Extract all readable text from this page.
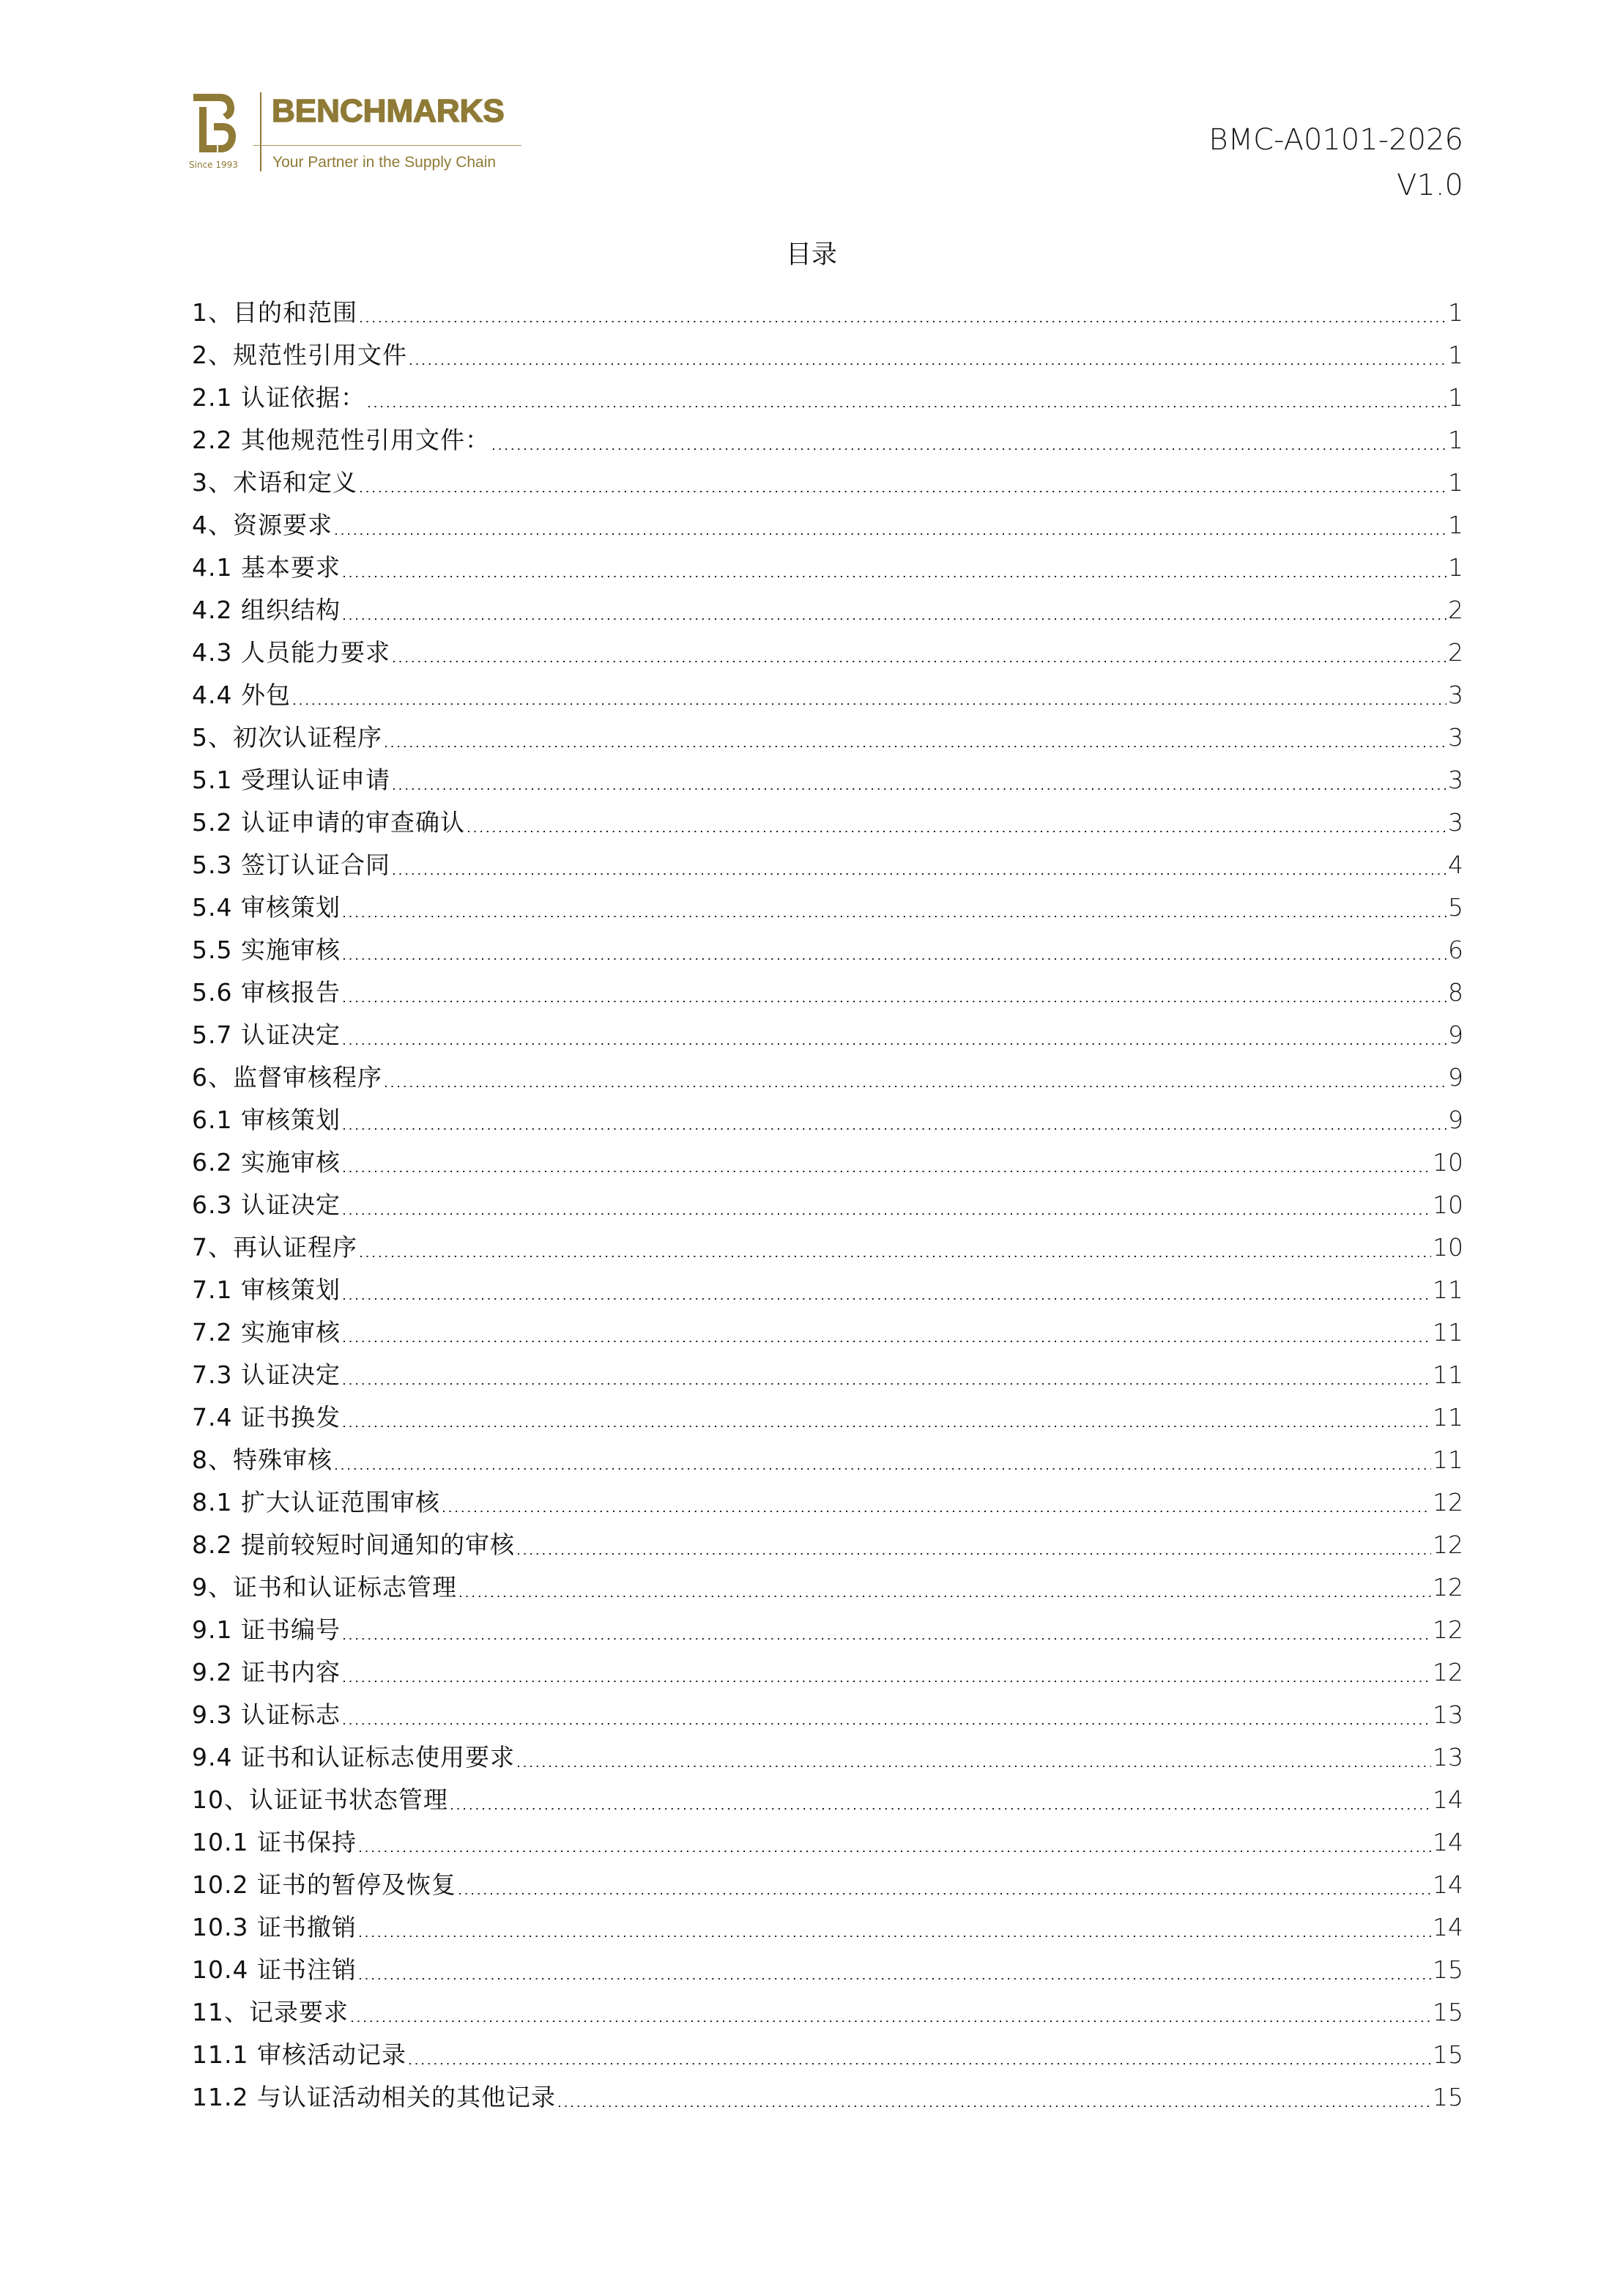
Since 1993
BENCHMARKS
Your Partner in the Supply Chain
BMC-A0101-2026
V1.0
目录
1、目的和范围	1
2、规范性引用文件	1
2.1 认证依据：	1
2.2 其他规范性引用文件：	1
3、术语和定义	1
4、资源要求	1
4.1 基本要求	1
4.2 组织结构	2
4.3 人员能力要求	2
4.4 外包	3
5、初次认证程序	3
5.1 受理认证申请	3
5.2 认证申请的审查确认	3
5.3 签订认证合同	4
5.4 审核策划	5
5.5 实施审核	6
5.6 审核报告	8
5.7 认证决定	9
6、监督审核程序	9
6.1 审核策划	9
6.2 实施审核	10
6.3 认证决定	10
7、再认证程序	10
7.1 审核策划	11
7.2 实施审核	11
7.3 认证决定	11
7.4 证书换发	11
8、特殊审核	11
8.1 扩大认证范围审核	12
8.2 提前较短时间通知的审核	12
9、证书和认证标志管理	12
9.1 证书编号	12
9.2 证书内容	12
9.3 认证标志	13
9.4 证书和认证标志使用要求	13
10、认证证书状态管理	14
10.1 证书保持	14
10.2 证书的暂停及恢复	14
10.3 证书撤销	14
10.4 证书注销	15
11、记录要求	15
11.1 审核活动记录	15
11.2 与认证活动相关的其他记录	15
